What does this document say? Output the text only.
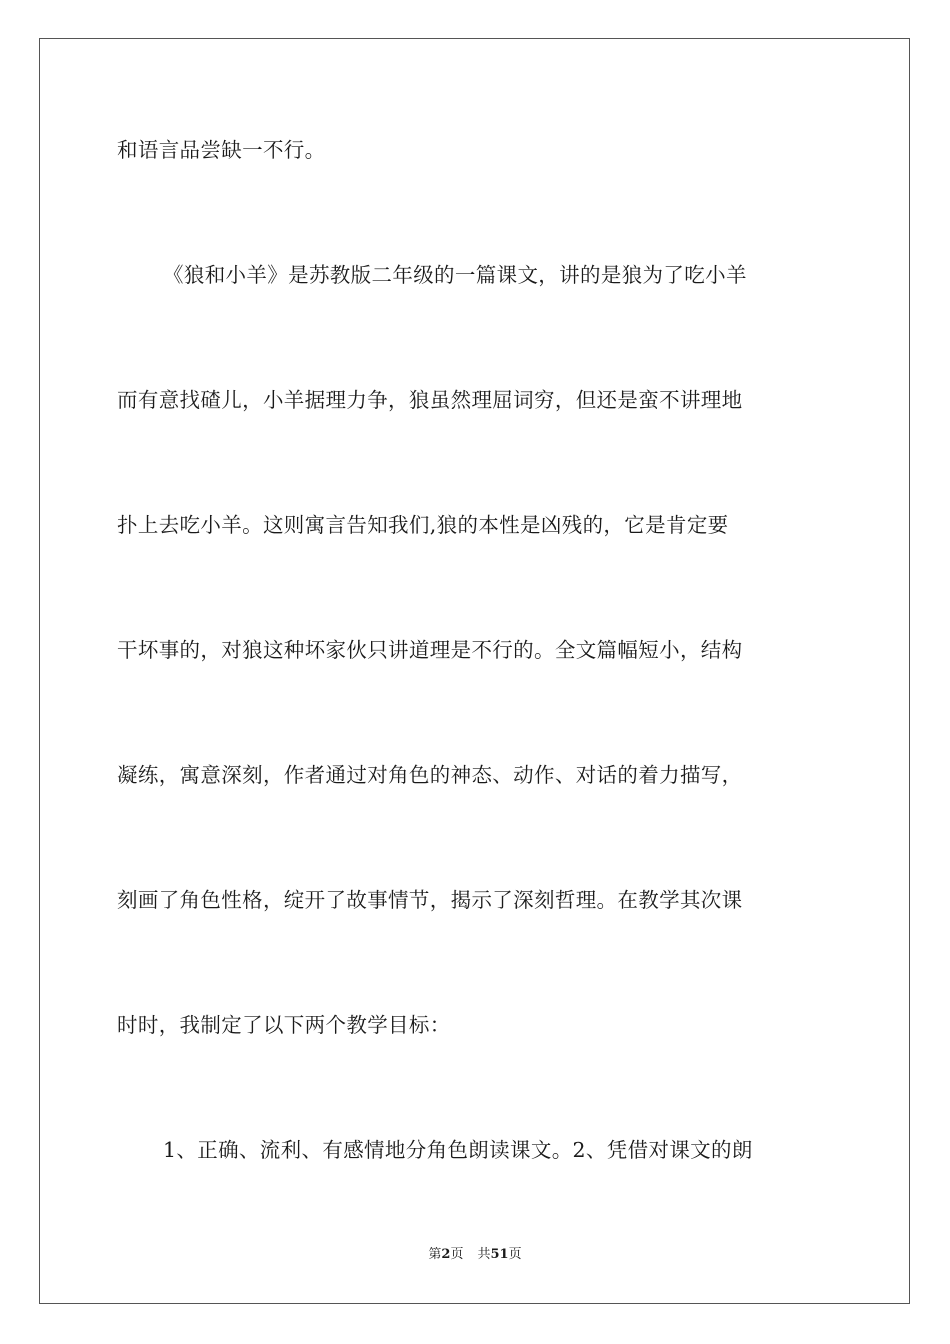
和语言品尝缺一不行。
《狼和小羊》是苏教版二年级的一篇课文，讲的是狼为了吃小羊
而有意找碴儿，小羊据理力争，狼虽然理屈词穷，但还是蛮不讲理地
扑上去吃小羊。这则寓言告知我们,狼的本性是凶残的，它是肯定要
干坏事的，对狼这种坏家伙只讲道理是不行的。全文篇幅短小，结构
凝练，寓意深刻，作者通过对角色的神态、动作、对话的着力描写，
刻画了角色性格，绽开了故事情节，揭示了深刻哲理。在教学其次课
时时，我制定了以下两个教学目标：
1、正确、流利、有感情地分角色朗读课文。2、凭借对课文的朗
第2页 共51页
